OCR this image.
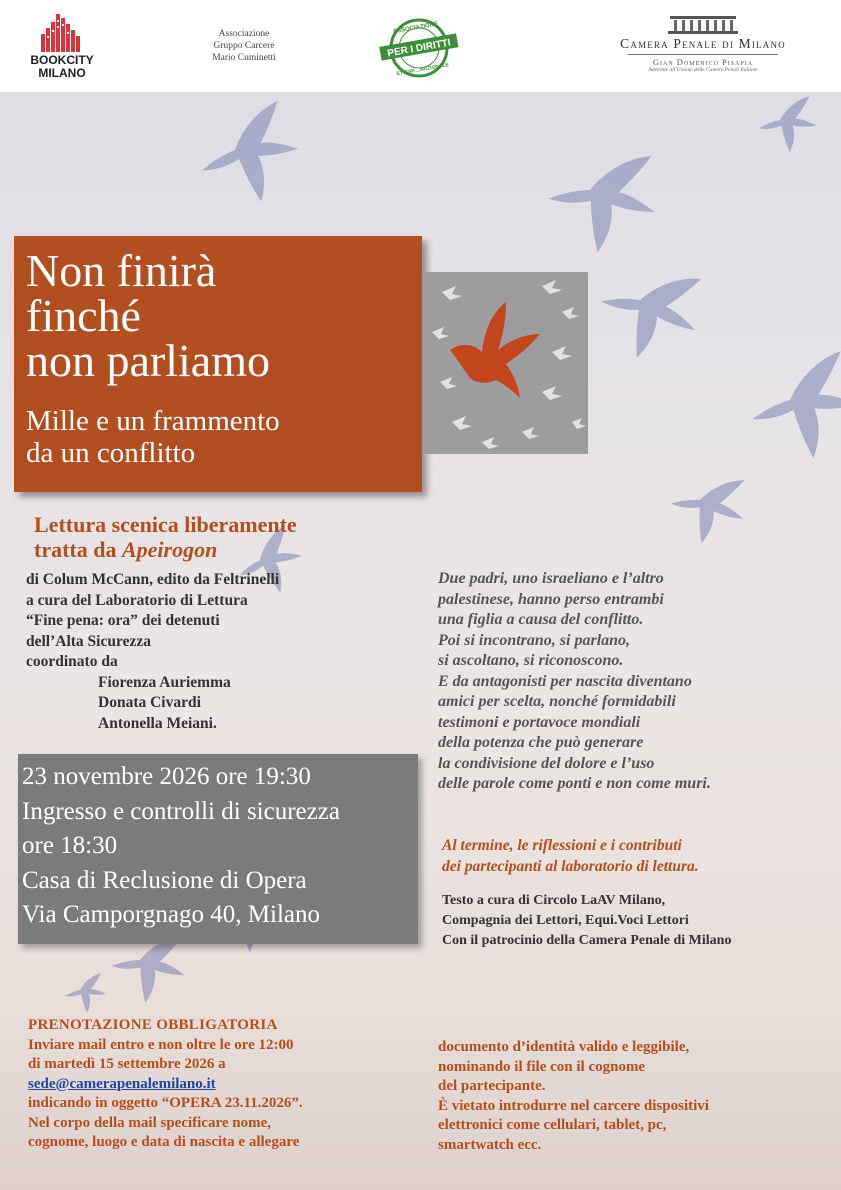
BOOKCITY
MILANO
Associazione
Gruppo Carcere
Mario Cuminetti	PER I DIRITTI
ASSOCIAZIONE
ETTORI ...NAZIONALE
Camera Penale di Milano
Gian Domenico Pisapia
Aderente all'Unione delle Camere Penali Italiane
Non finirà
finché
non parliamo
Mille e un frammento
da un conflitto
Lettura scenica liberamente
tratta da Apeirogon
di Colum McCann, edito da Feltrinelli
a cura del Laboratorio di Lettura
“Fine pena: ora” dei detenuti
dell’Alta Sicurezza
coordinato da
Fiorenza Auriemma
Donata Civardi
Antonella Meiani.
23 novembre 2026 ore 19:30
Ingresso e controlli di sicurezza
ore 18:30
Casa di Reclusione di Opera
Via Camporgnago 40, Milano
Due padri, uno israeliano e l’altro
palestinese, hanno perso entrambi
una figlia a causa del conflitto.
Poi si incontrano, si parlano,
si ascoltano, si riconoscono.
E da antagonisti per nascita diventano
amici per scelta, nonché formidabili
testimoni e portavoce mondiali
della potenza che può generare
la condivisione del dolore e l’uso
delle parole come ponti e non come muri.
Al termine, le riflessioni e i contributi
dei partecipanti al laboratorio di lettura.
Testo a cura di Circolo LaAV Milano,
Compagnia dei Lettori, Equi.Voci Lettori
Con il patrocinio della Camera Penale di Milano
PRENOTAZIONE OBBLIGATORIA
Inviare mail entro e non oltre le ore 12:00
di martedì 15 settembre 2026 a
sede@camerapenalemilano.it
indicando in oggetto “OPERA 23.11.2026”.
Nel corpo della mail specificare nome,
cognome, luogo e data di nascita e allegare
documento d’identità valido e leggibile,
nominando il file con il cognome
del partecipante.
È vietato introdurre nel carcere dispositivi
elettronici come cellulari, tablet, pc,
smartwatch ecc.
